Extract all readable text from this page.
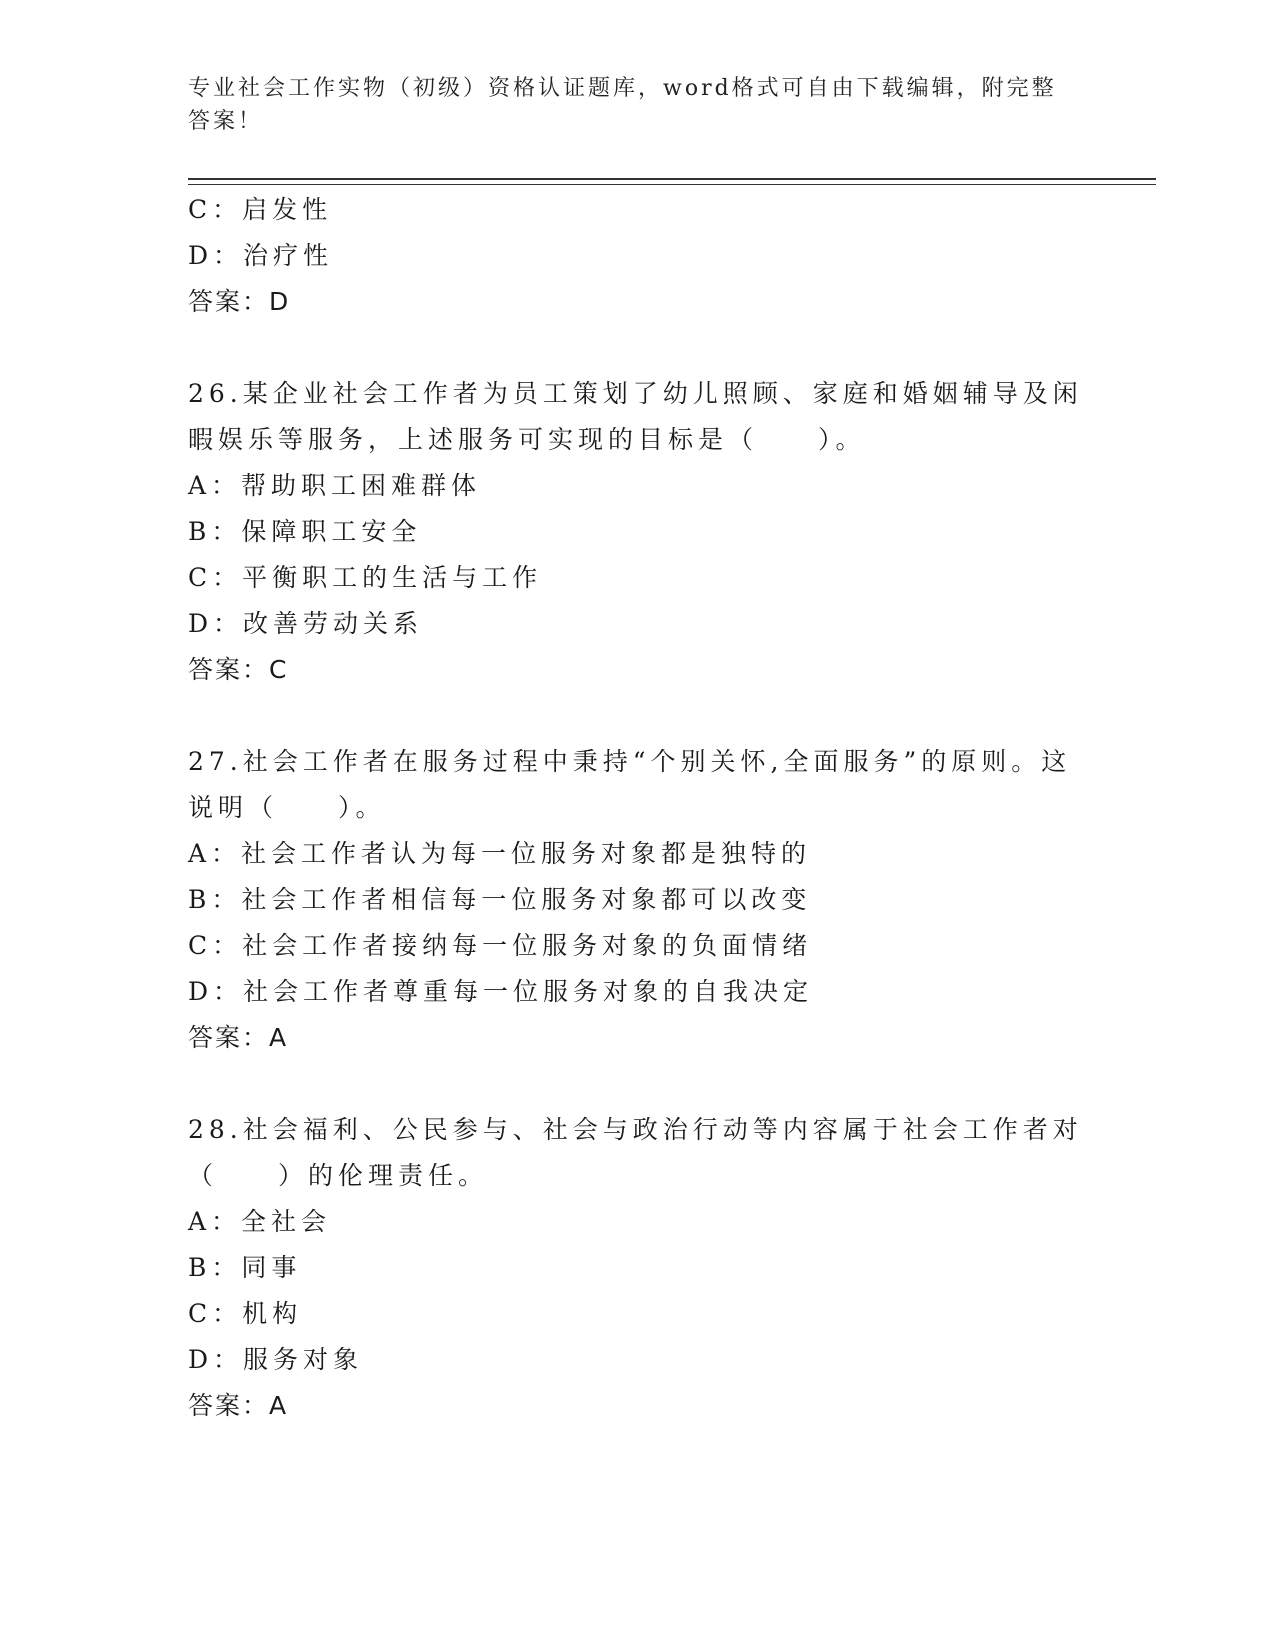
专业社会工作实物（初级）资格认证题库，word格式可自由下载编辑，附完整答案！
C：启发性
D：治疗性
答案：D
26.某企业社会工作者为员工策划了幼儿照顾、家庭和婚姻辅导及闲暇娱乐等服务，上述服务可实现的目标是（　　）。
A：帮助职工困难群体
B：保障职工安全
C：平衡职工的生活与工作
D：改善劳动关系
答案：C
27.社会工作者在服务过程中秉持“个别关怀,全面服务”的原则。这说明（　　）。
A：社会工作者认为每一位服务对象都是独特的
B：社会工作者相信每一位服务对象都可以改变
C：社会工作者接纳每一位服务对象的负面情绪
D：社会工作者尊重每一位服务对象的自我决定
答案：A
28.社会福利、公民参与、社会与政治行动等内容属于社会工作者对（　　）的伦理责任。
A：全社会
B：同事
C：机构
D：服务对象
答案：A
